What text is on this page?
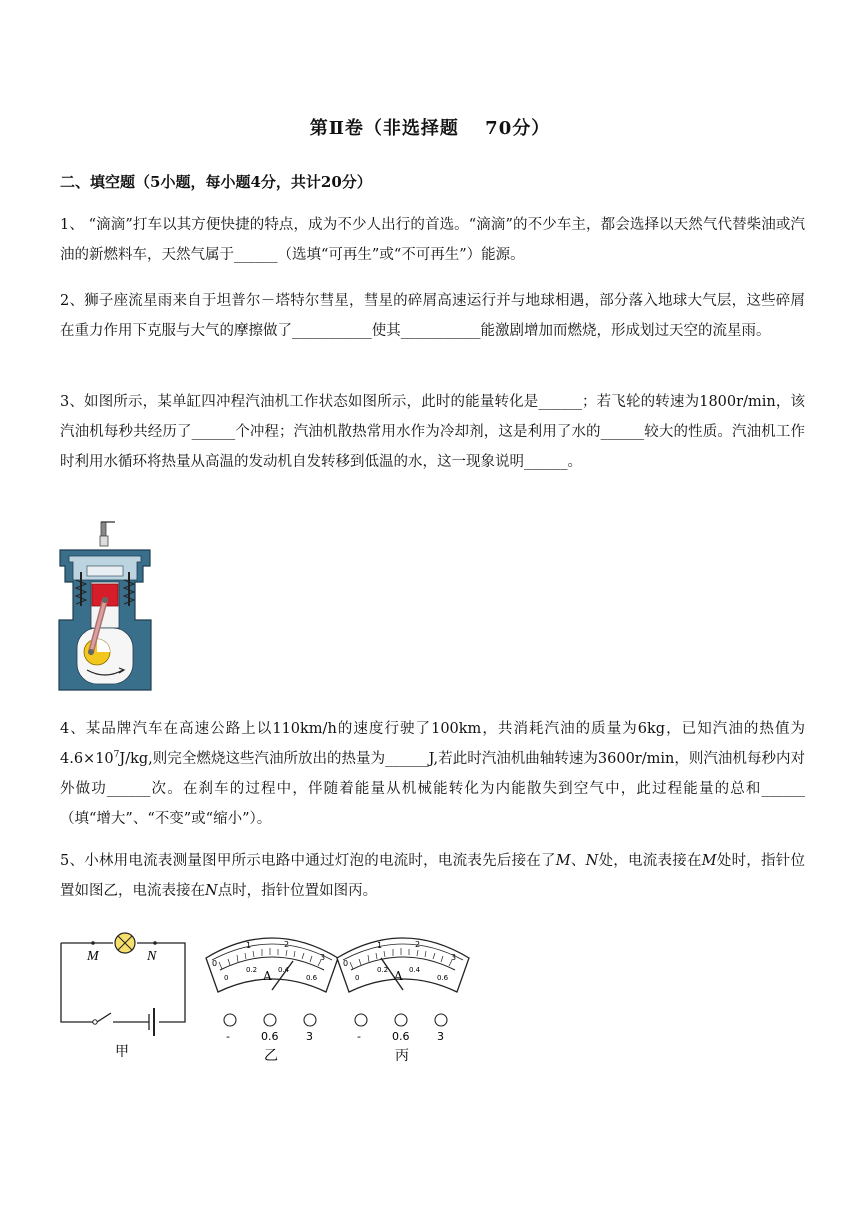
第Ⅱ卷（非选择题　 70分）
二、填空题（5小题，每小题4分，共计20分）

1、 “滴滴”打车以其方便快捷的特点，成为不少人出行的首选。“滴滴”的不少车主，都会选择以天然气代替柴油或汽油的新燃料车，天然气属于______（选填“可再生”或“不可再生”）能源。

2、狮子座流星雨来自于坦普尔－塔特尔彗星，彗星的碎屑高速运行并与地球相遇，部分落入地球大气层，这些碎屑在重力作用下克服与大气的摩擦做了___________使其___________能激剧增加而燃烧，形成划过天空的流星雨。

3、如图所示，某单缸四冲程汽油机工作状态如图所示，此时的能量转化是______；若飞轮的转速为1800r/min，该汽油机每秒共经历了______个冲程；汽油机散热常用水作为冷却剂，这是利用了水的______较大的性质。汽油机工作时利用水循环将热量从高温的发动机自发转移到低温的水，这一现象说明______。

4、某品牌汽车在高速公路上以110km/h的速度行驶了100km，共消耗汽油的质量为6kg，已知汽油的热值为$4.6\times 10^7J/kg$,则完全燃烧这些汽油所放出的热量为______J,若此时汽油机曲轴转速为3600r/min，则汽油机每秒内对外做功______次。在刹车的过程中，伴随着能量从机械能转化为内能散失到空气中，此过程能量的总和______（填“增大”、“不变”或“缩小”）。

5、小林用电流表测量图甲所示电路中通过灯泡的电流时，电流表先后接在了M、N处，电流表接在M处时，指针位置如图乙，电流表接在N点时，指针位置如图丙。

M	N
甲
0
1	2
3
0
0.2	0.4
0.6
A
-	0.6	3
乙
0
1	2
3
0
0.2	0.4
0.6
A
-	0.6	3
丙
